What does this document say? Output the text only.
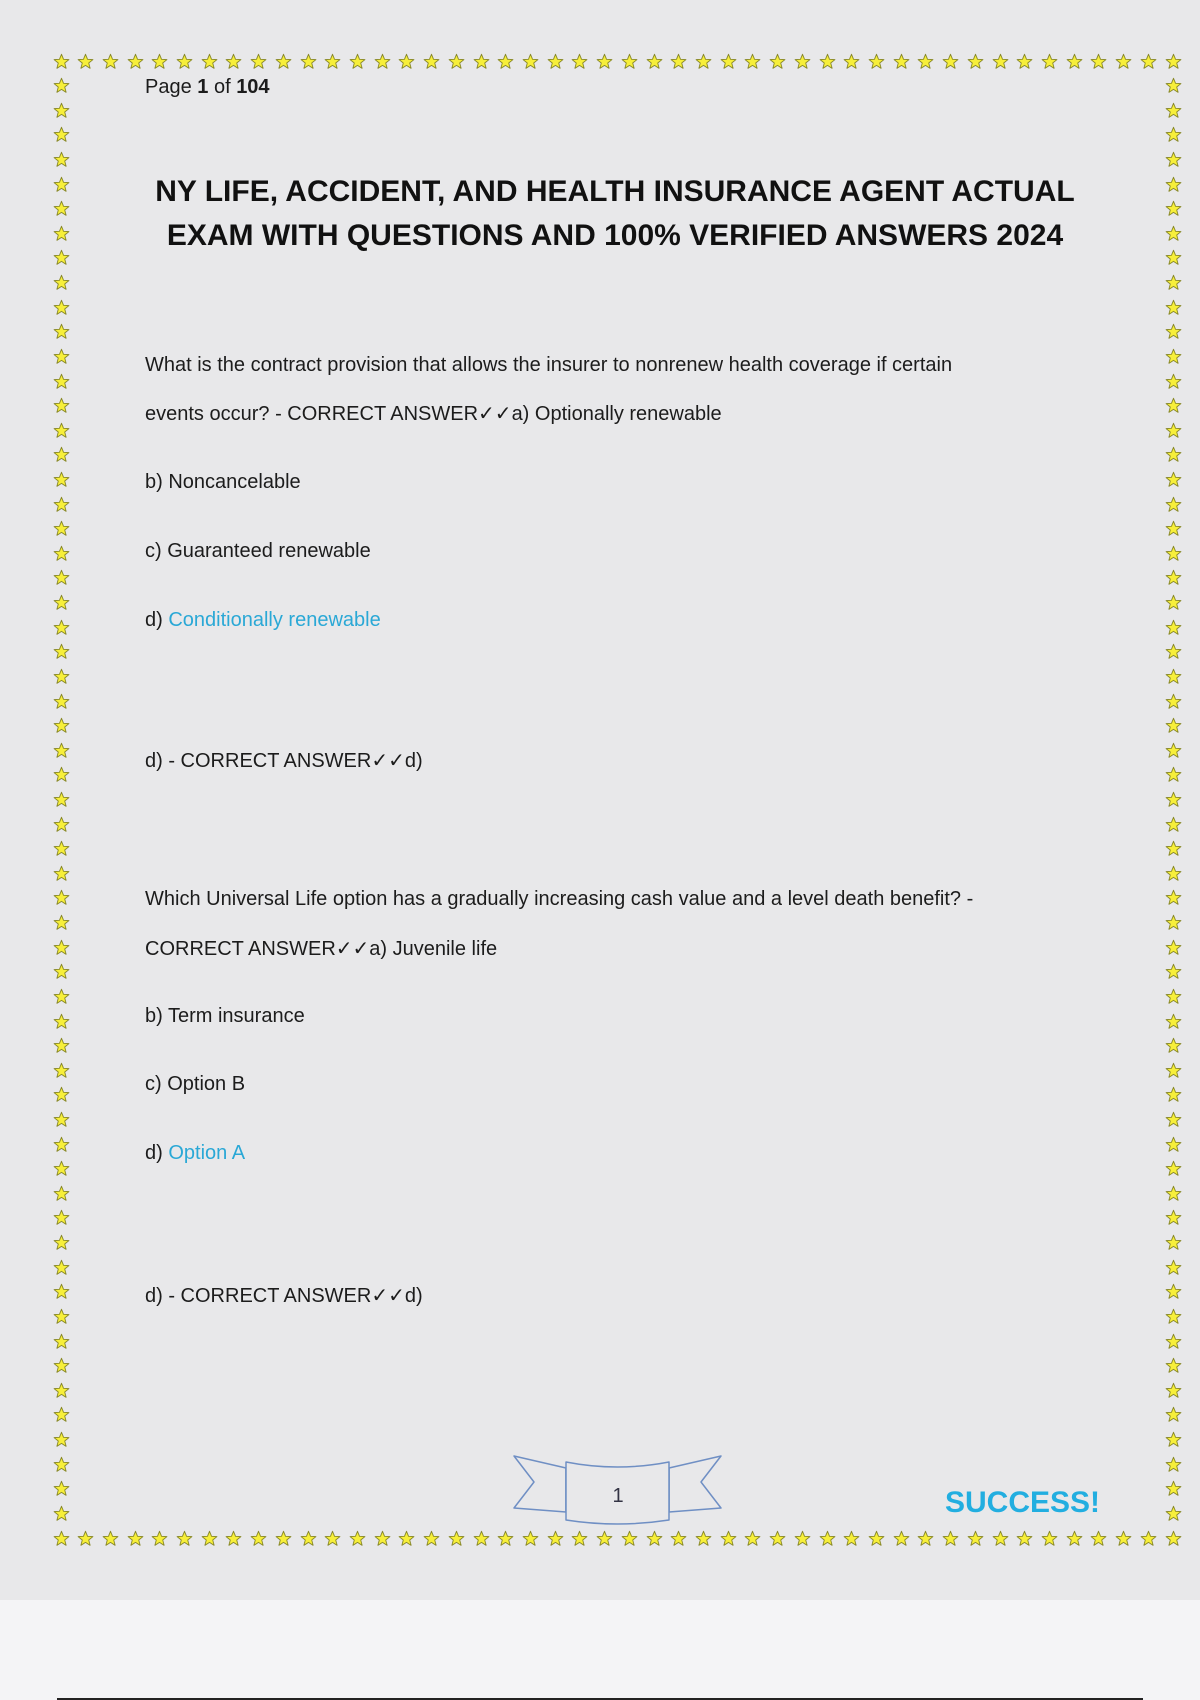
Page 1 of 104
NY LIFE, ACCIDENT, AND HEALTH INSURANCE AGENT ACTUAL
EXAM WITH QUESTIONS AND 100% VERIFIED ANSWERS 2024
What is the contract provision that allows the insurer to nonrenew health coverage if certain
events occur? - CORRECT ANSWER✓✓a) Optionally renewable
b) Noncancelable
c) Guaranteed renewable
d) Conditionally renewable
d) - CORRECT ANSWER✓✓d)
Which Universal Life option has a gradually increasing cash value and a level death benefit? -
CORRECT ANSWER✓✓a) Juvenile life
b) Term insurance
c) Option B
d) Option A
d) - CORRECT ANSWER✓✓d)
1	SUCCESS!
